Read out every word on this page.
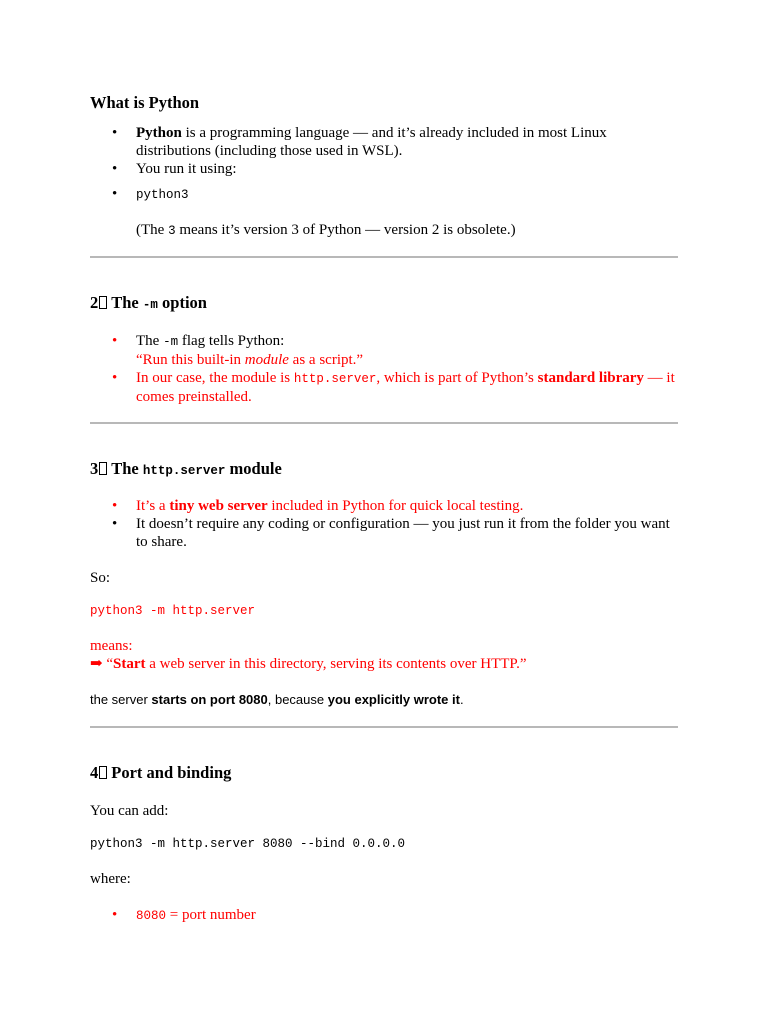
What is Python
• Python is a programming language — and it’s already included in most Linux distributions (including those used in WSL).
• You run it using:
• python3
(The 3 means it’s version 3 of Python — version 2 is obsolete.)
2 The -m option
• The -m flag tells Python:
“Run this built-in module as a script.”
• In our case, the module is http.server, which is part of Python’s standard library — it comes preinstalled.
3 The http.server module
• It’s a tiny web server included in Python for quick local testing.
• It doesn’t require any coding or configuration — you just run it from the folder you want to share.
So:
python3 -m http.server
means:
➡ “Start a web server in this directory, serving its contents over HTTP.”
the server starts on port 8080, because you explicitly wrote it.
4 Port and binding
You can add:
python3 -m http.server 8080 --bind 0.0.0.0
where:
• 8080 = port number
